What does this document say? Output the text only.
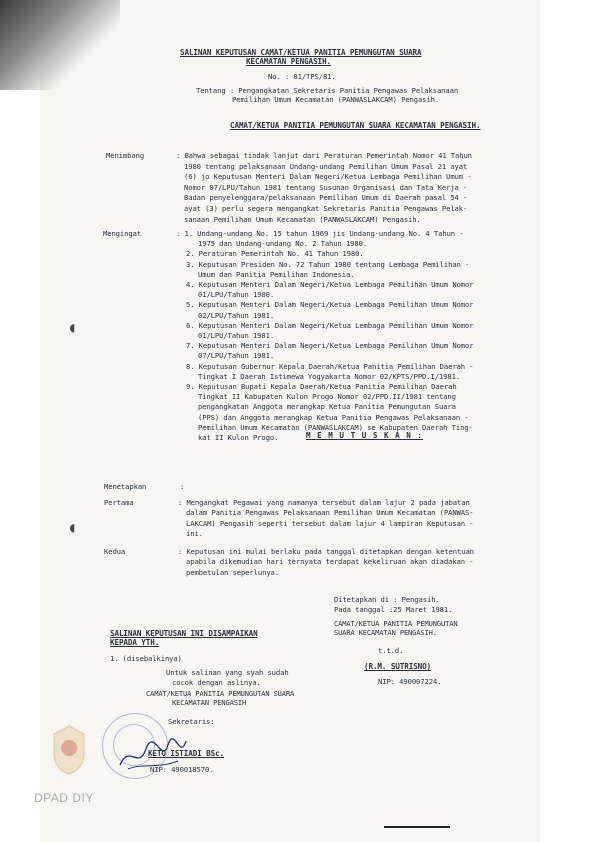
SALINAN KEPUTUSAN CAMAT/KETUA PANITIA PEMUNGUTAN SUARA
KECAMATAN PENGASIH.
No. : 01/TPS/81.
Tentang : Pengangkatan Sekretaris Panitia Pengawas Pelaksanaan
Pemilihan Umum Kecamatan (PANWASLAKCAM) Pengasih.
CAMAT/KETUA PANITIA PEMUNGUTAN SUARA KECAMATAN PENGASIH.
Menimbang	: Bahwa sebagai tindak lanjut dari Peraturan Pemerintah Nomor 41 Tahun
1980 tentang pelaksanaan Undang-undang Pemilihan Umum Pasal 21 ayat
(6) jo Keputusan Menteri Dalam Negeri/Ketua Lembaga Pemilihan Umum -
Nomor 07/LPU/Tahun 1981 tentang Susunan Organisasi dan Tata Kerja -
Badan penyelenggara/pelaksanaan Pemilihan Umum di Daerah pasal 54 -
ayat (3) perlu segera mengangkat Sekretaris Panitia Pengawas Pelak-
sanaan Pemilihan Umum Kecamatan (PANWASLAKCAM) Pengasih.
Mengingat	: 1. Undang-undang No. 15 tahun 1969 jis Undang-undang No. 4 Tahun -
1975 dan Undang-undang No. 2 Tahun 1980.
2. Peraturan Pemerintah No. 41 Tahun 1980.
3. Keputusan Presiden No. 72 Tahun 1980 tentang Lembaga Pemilihan -
Umum dan Panitia Pemilihan Indonesia.
4. Keputusan Menteri Dalam Negeri/Ketua Lembaga Pemilihan Umum Nomor
01/LPU/Tahun 1980.
5. Keputusan Menteri Dalam Negeri/Ketua Lembaga Pemilihan Umum Nomor
02/LPU/Tahun 1981.
6. Keputusan Menteri Dalam Negeri/Ketua Lembaga Pemilihan Umum Nomor
01/LPU/Tahun 1981.
7. Keputusan Menteri Dalam Negeri/Ketua Lembaga Pemilihan Umum Nomor
07/LPU/Tahun 1981.
8. Keputusan Gubernur Kepala Daerah/Ketua Panitia Pemilihan Daerah -
Tingkat I Daerah Istimewa Yogyakarta Nomor 02/KPTS/PPD.I/1981.
9. Keputusan Bupati Kepala Daerah/Ketua Panitia Pemilihan Daerah
Tingkat II Kabupaten Kulon Progo Nomor 02/PPD.II/1981 tentang
pengangkatan Anggota merangkap Ketua Panitia Pemungutan Suara
(PPS) dan Anggota merangkap Ketua Panitia Pengawas Pelaksanaan -
Pemilihan Umum Kecamatan (PANWASLAKCAM) se Kabupaten Daerah Ting-
kat II Kulon Progo.	M E M U T U S K A N :
Menetapkan	:
Pertama	: Mengangkat Pegawai yang namanya tersebut dalam lajur 2 pada jabatan
dalam Panitia Pengawas Pelaksanaan Pemilihan Umum Kecamatan (PANWAS-
LAKCAM) Pengasih seperti tersebut dalam lajur 4 lampiran Keputusan -
ini.
Kedua	: Keputusan ini mulai berlaku pada tanggal ditetapkan dengan ketentuan
apabila dikemudian hari ternyata terdapat kekeliruan akan diadakan -
pembetulan seperlunya.
Ditetapkan di : Pengasih.
Pada tanggal :25 Maret 1981.
CAMAT/KETUA PANITIA PEMUNGUTAN
SUARA KECAMATAN PENGASIH.
t.t.d.
(R.M. SUTRISNO)
NIP: 490007224.
SALINAN KEPUTUSAN INI DISAMPAIKAN
KEPADA YTH.
1. (disebalkinya)
Untuk salinan yang syah sudah
cocok dengan aslinya.
CAMAT/KETUA PANITIA PEMUNGUTAN SUARA
KECAMATAN PENGASIH
Sekretaris:
KETO ISTIADI BSc.
NIP: 490018570.
DPAD DIY
◖
◖
